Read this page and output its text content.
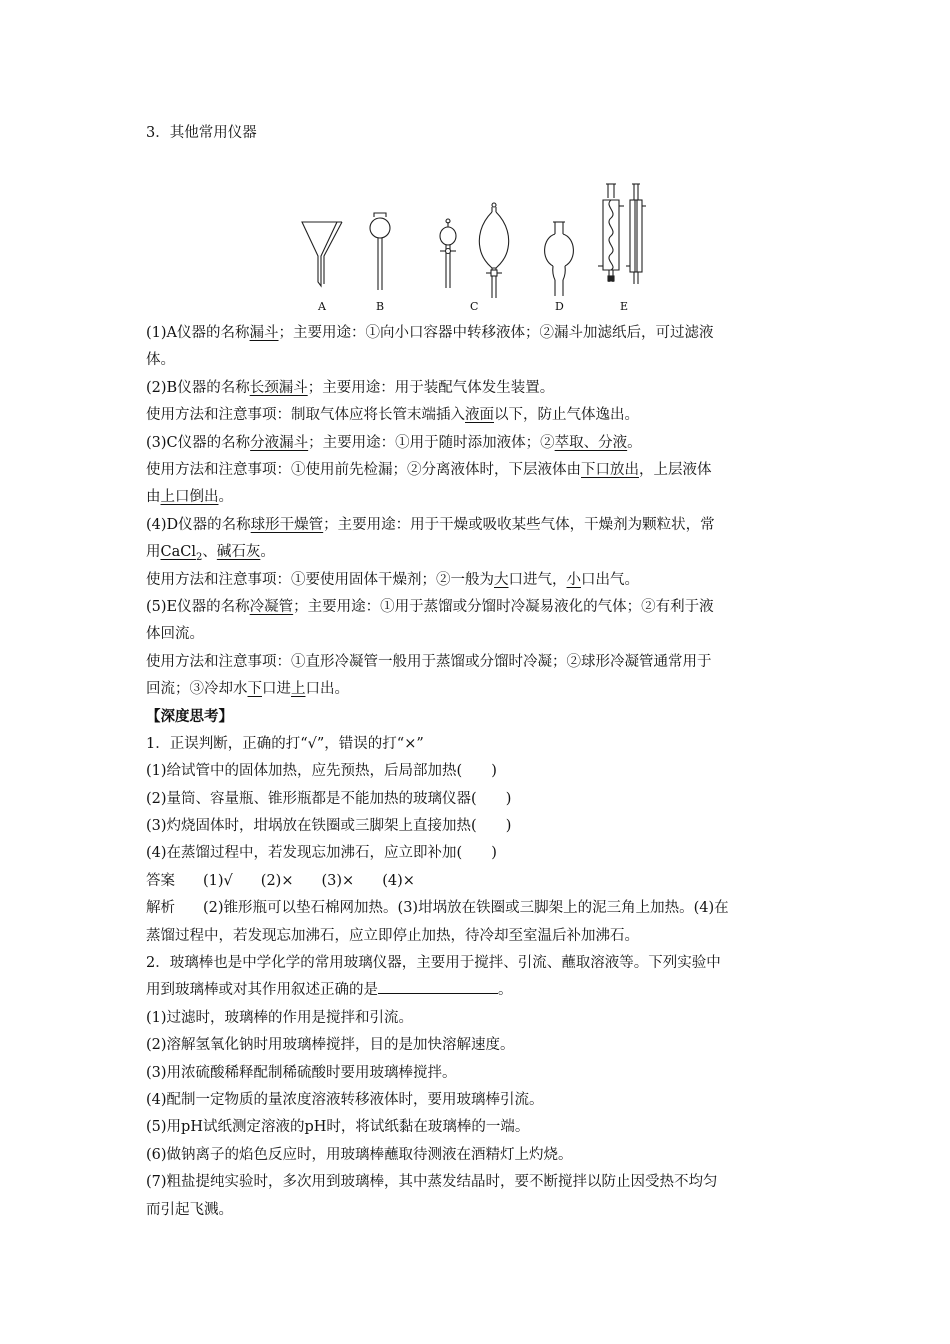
3．其他常用仪器
A	B	C	D	E
(1)A仪器的名称漏斗；主要用途：①向小口容器中转移液体；②漏斗加滤纸后，可过滤液
体。
(2)B仪器的名称长颈漏斗；主要用途：用于装配气体发生装置。
使用方法和注意事项：制取气体应将长管末端插入液面以下，防止气体逸出。
(3)C仪器的名称分液漏斗；主要用途：①用于随时添加液体；②萃取、分液。
使用方法和注意事项：①使用前先检漏；②分离液体时，下层液体由下口放出，上层液体
由上口倒出。
(4)D仪器的名称球形干燥管；主要用途：用于干燥或吸收某些气体，干燥剂为颗粒状，常
用CaCl$_2$、碱石灰。
使用方法和注意事项：①要使用固体干燥剂；②一般为大口进气，小口出气。
(5)E仪器的名称冷凝管；主要用途：①用于蒸馏或分馏时冷凝易液化的气体；②有利于液
体回流。
使用方法和注意事项：①直形冷凝管一般用于蒸馏或分馏时冷凝；②球形冷凝管通常用于
回流；③冷却水下口进上口出。
【深度思考】
1．正误判断，正确的打“√”，错误的打“×”
(1)给试管中的固体加热，应先预热，后局部加热(　　)
(2)量筒、容量瓶、锥形瓶都是不能加热的玻璃仪器(　　)
(3)灼烧固体时，坩埚放在铁圈或三脚架上直接加热(　　)
(4)在蒸馏过程中，若发现忘加沸石，应立即补加(　　)
答案 (1)√ (2)× (3)× (4)×
解析 (2)锥形瓶可以垫石棉网加热。(3)坩埚放在铁圈或三脚架上的泥三角上加热。(4)在
蒸馏过程中，若发现忘加沸石，应立即停止加热，待冷却至室温后补加沸石。
2．玻璃棒也是中学化学的常用玻璃仪器，主要用于搅拌、引流、蘸取溶液等。下列实验中
用到玻璃棒或对其作用叙述正确的是	。
(1)过滤时，玻璃棒的作用是搅拌和引流。
(2)溶解氢氧化钠时用玻璃棒搅拌，目的是加快溶解速度。
(3)用浓硫酸稀释配制稀硫酸时要用玻璃棒搅拌。
(4)配制一定物质的量浓度溶液转移液体时，要用玻璃棒引流。
(5)用pH试纸测定溶液的pH时，将试纸黏在玻璃棒的一端。
(6)做钠离子的焰色反应时，用玻璃棒蘸取待测液在酒精灯上灼烧。
(7)粗盐提纯实验时，多次用到玻璃棒，其中蒸发结晶时，要不断搅拌以防止因受热不均匀
而引起飞溅。
